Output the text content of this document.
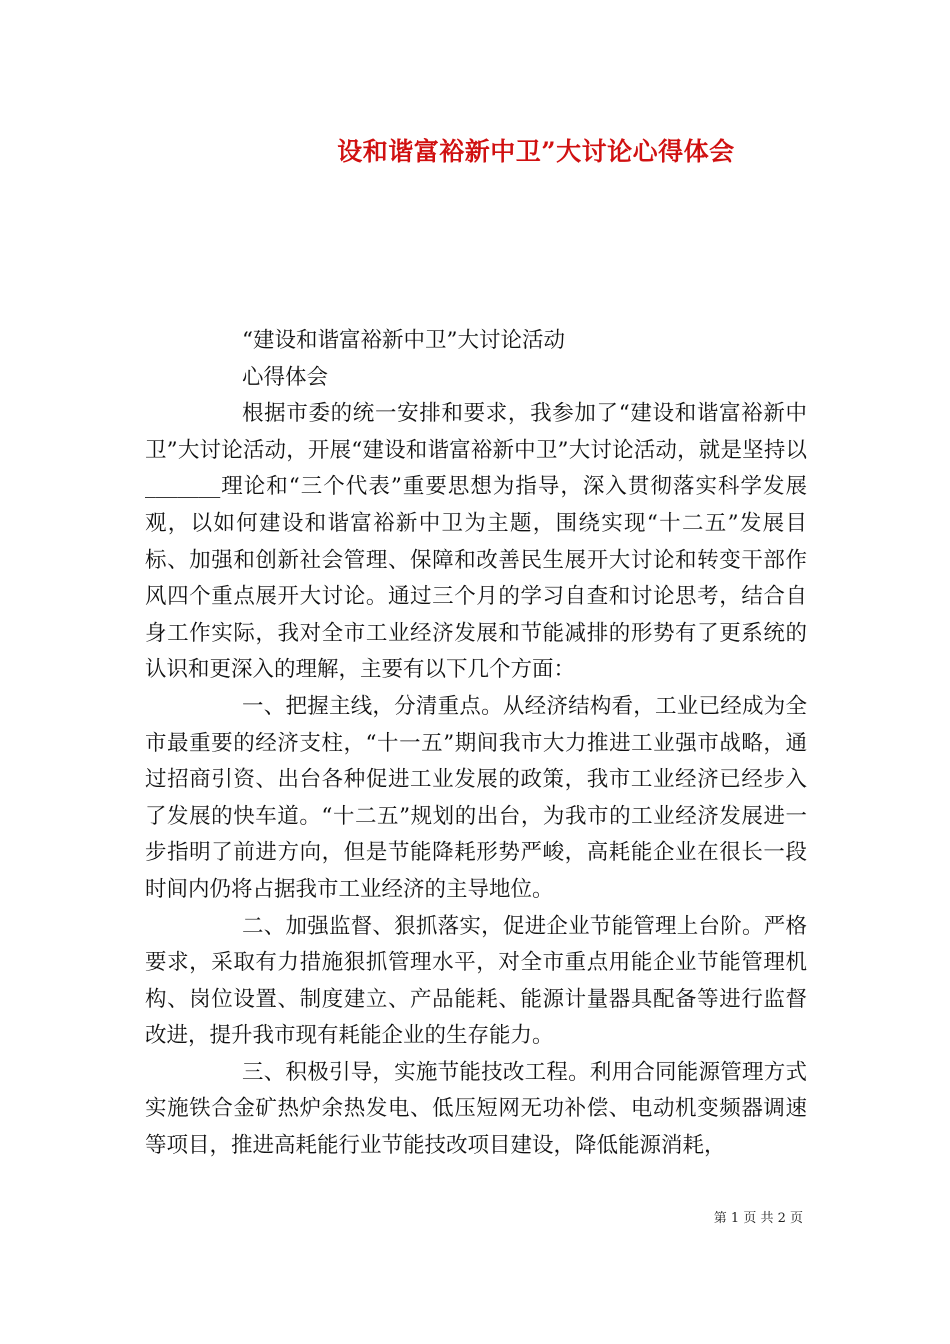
设和谐富裕新中卫”大讨论心得体会

“建设和谐富裕新中卫”大讨论活动

心得体会

根据市委的统一安排和要求，我参加了“建设和谐富裕新中卫”大讨论活动，开展“建设和谐富裕新中卫”大讨论活动，就是坚持以_______理论和“三个代表”重要思想为指导，深入贯彻落实科学发展观，以如何建设和谐富裕新中卫为主题，围绕实现“十二五”发展目标、加强和创新社会管理、保障和改善民生展开大讨论和转变干部作风四个重点展开大讨论。通过三个月的学习自查和讨论思考，结合自身工作实际，我对全市工业经济发展和节能减排的形势有了更系统的认识和更深入的理解，主要有以下几个方面：

一、把握主线，分清重点。从经济结构看，工业已经成为全市最重要的经济支柱，“十一五”期间我市大力推进工业强市战略，通过招商引资、出台各种促进工业发展的政策，我市工业经济已经步入了发展的快车道。“十二五”规划的出台，为我市的工业经济发展进一步指明了前进方向，但是节能降耗形势严峻，高耗能企业在很长一段时间内仍将占据我市工业经济的主导地位。

二、加强监督、狠抓落实，促进企业节能管理上台阶。严格要求，采取有力措施狠抓管理水平，对全市重点用能企业节能管理机构、岗位设置、制度建立、产品能耗、能源计量器具配备等进行监督改进，提升我市现有耗能企业的生存能力。

三、积极引导，实施节能技改工程。利用合同能源管理方式实施铁合金矿热炉余热发电、低压短网无功补偿、电动机变频器调速等项目，推进高耗能行业节能技改项目建设，降低能源消耗，

第 1 页 共 2 页
